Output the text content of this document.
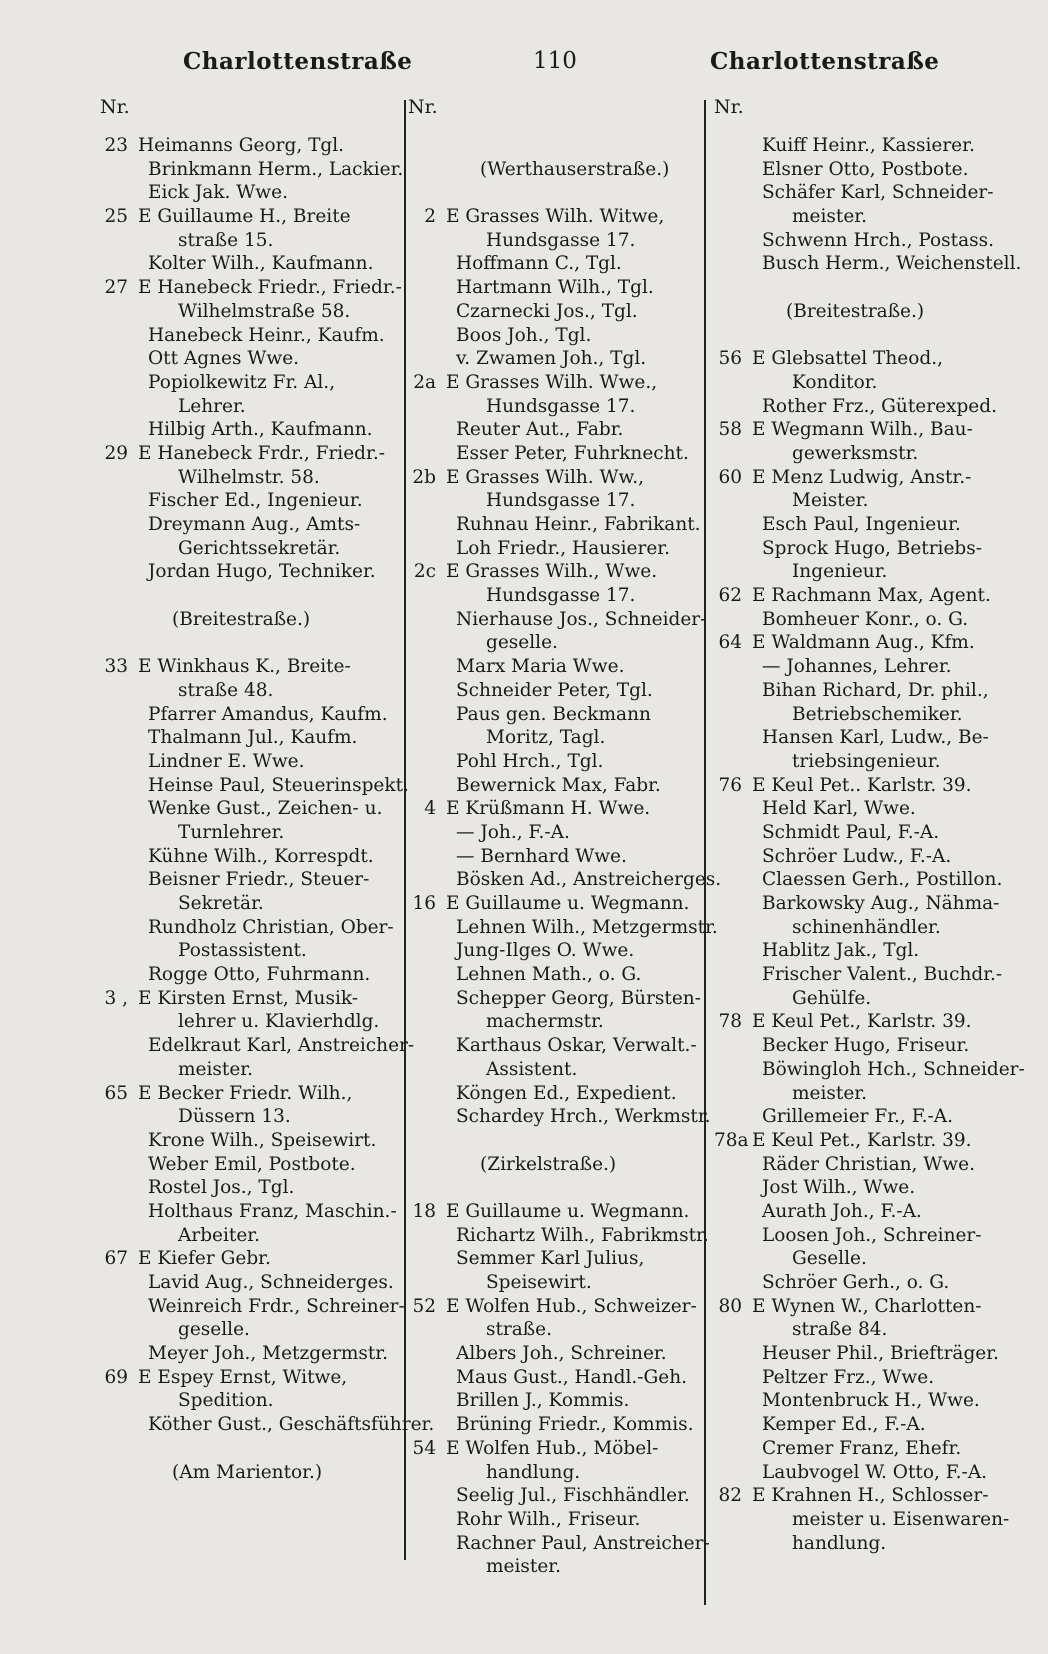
Charlottenstraße	110	Charlottenstraße
Nr.
23 Heimanns Georg, Tgl.
Brinkmann Herm., Lackier.
Eick Jak. Wwe.
25 E Guillaume H., Breite
straße 15.
Kolter Wilh., Kaufmann.
27 E Hanebeck Friedr., Friedr.-
Wilhelmstraße 58.
Hanebeck Heinr., Kaufm.
Ott Agnes Wwe.
Popiolkewitz Fr. Al.,
Lehrer.
Hilbig Arth., Kaufmann.
29 E Hanebeck Frdr., Friedr.-
Wilhelmstr. 58.
Fischer Ed., Ingenieur.
Dreymann Aug., Amts-
Gerichtssekretär.
Jordan Hugo, Techniker.
(Breitestraße.)
33 E Winkhaus K., Breite-
straße 48.
Pfarrer Amandus, Kaufm.
Thalmann Jul., Kaufm.
Lindner E. Wwe.
Heinse Paul, Steuerinspekt.
Wenke Gust., Zeichen- u.
Turnlehrer.
Kühne Wilh., Korrespdt.
Beisner Friedr., Steuer-
Sekretär.
Rundholz Christian, Ober-
Postassistent.
Rogge Otto, Fuhrmann.
3 , E Kirsten Ernst, Musik-
lehrer u. Klavierhdlg.
Edelkraut Karl, Anstreicher-
meister.
65 E Becker Friedr. Wilh.,
Düssern 13.
Krone Wilh., Speisewirt.
Weber Emil, Postbote.
Rostel Jos., Tgl.
Holthaus Franz, Maschin.-
Arbeiter.
67 E Kiefer Gebr.
Lavid Aug., Schneiderges.
Weinreich Frdr., Schreiner-
geselle.
Meyer Joh., Metzgermstr.
69 E Espey Ernst, Witwe,
Spedition.
Köther Gust., Geschäftsführer.
(Am Marientor.)
Nr.
(Werthauserstraße.)
2 E Grasses Wilh. Witwe,
Hundsgasse 17.
Hoffmann C., Tgl.
Hartmann Wilh., Tgl.
Czarnecki Jos., Tgl.
Boos Joh., Tgl.
v. Zwamen Joh., Tgl.
2a E Grasses Wilh. Wwe.,
Hundsgasse 17.
Reuter Aut., Fabr.
Esser Peter, Fuhrknecht.
2b E Grasses Wilh. Ww.,
Hundsgasse 17.
Ruhnau Heinr., Fabrikant.
Loh Friedr., Hausierer.
2c E Grasses Wilh., Wwe.
Hundsgasse 17.
Nierhause Jos., Schneider-
geselle.
Marx Maria Wwe.
Schneider Peter, Tgl.
Paus gen. Beckmann
Moritz, Tagl.
Pohl Hrch., Tgl.
Bewernick Max, Fabr.
4 E Krüßmann H. Wwe.
— Joh., F.-A.
— Bernhard Wwe.
Bösken Ad., Anstreicherges.
16 E Guillaume u. Wegmann.
Lehnen Wilh., Metzgermstr.
Jung-Ilges O. Wwe.
Lehnen Math., o. G.
Schepper Georg, Bürsten-
machermstr.
Karthaus Oskar, Verwalt.-
Assistent.
Köngen Ed., Expedient.
Schardey Hrch., Werkmstr.
(Zirkelstraße.)
18 E Guillaume u. Wegmann.
Richartz Wilh., Fabrikmstr.
Semmer Karl Julius,
Speisewirt.
52 E Wolfen Hub., Schweizer-
straße.
Albers Joh., Schreiner.
Maus Gust., Handl.-Geh.
Brillen J., Kommis.
Brüning Friedr., Kommis.
54 E Wolfen Hub., Möbel-
handlung.
Seelig Jul., Fischhändler.
Rohr Wilh., Friseur.
Rachner Paul, Anstreicher-
meister.
Nr.
Kuiff Heinr., Kassierer.
Elsner Otto, Postbote.
Schäfer Karl, Schneider-
meister.
Schwenn Hrch., Postass.
Busch Herm., Weichenstell.
(Breitestraße.)
56 E Glebsattel Theod.,
Konditor.
Rother Frz., Güterexped.
58 E Wegmann Wilh., Bau-
gewerksmstr.
60 E Menz Ludwig, Anstr.-
Meister.
Esch Paul, Ingenieur.
Sprock Hugo, Betriebs-
Ingenieur.
62 E Rachmann Max, Agent.
Bomheuer Konr., o. G.
64 E Waldmann Aug., Kfm.
— Johannes, Lehrer.
Bihan Richard, Dr. phil.,
Betriebschemiker.
Hansen Karl, Ludw., Be-
triebsingenieur.
76 E Keul Pet.. Karlstr. 39.
Held Karl, Wwe.
Schmidt Paul, F.-A.
Schröer Ludw., F.-A.
Claessen Gerh., Postillon.
Barkowsky Aug., Nähma-
schinenhändler.
Hablitz Jak., Tgl.
Frischer Valent., Buchdr.-
Gehülfe.
78 E Keul Pet., Karlstr. 39.
Becker Hugo, Friseur.
Böwingloh Hch., Schneider-
meister.
Grillemeier Fr., F.-A.
78a E Keul Pet., Karlstr. 39.
Räder Christian, Wwe.
Jost Wilh., Wwe.
Aurath Joh., F.-A.
Loosen Joh., Schreiner-
Geselle.
Schröer Gerh., o. G.
80 E Wynen W., Charlotten-
straße 84.
Heuser Phil., Briefträger.
Peltzer Frz., Wwe.
Montenbruck H., Wwe.
Kemper Ed., F.-A.
Cremer Franz, Ehefr.
Laubvogel W. Otto, F.-A.
82 E Krahnen H., Schlosser-
meister u. Eisenwaren-
handlung.
